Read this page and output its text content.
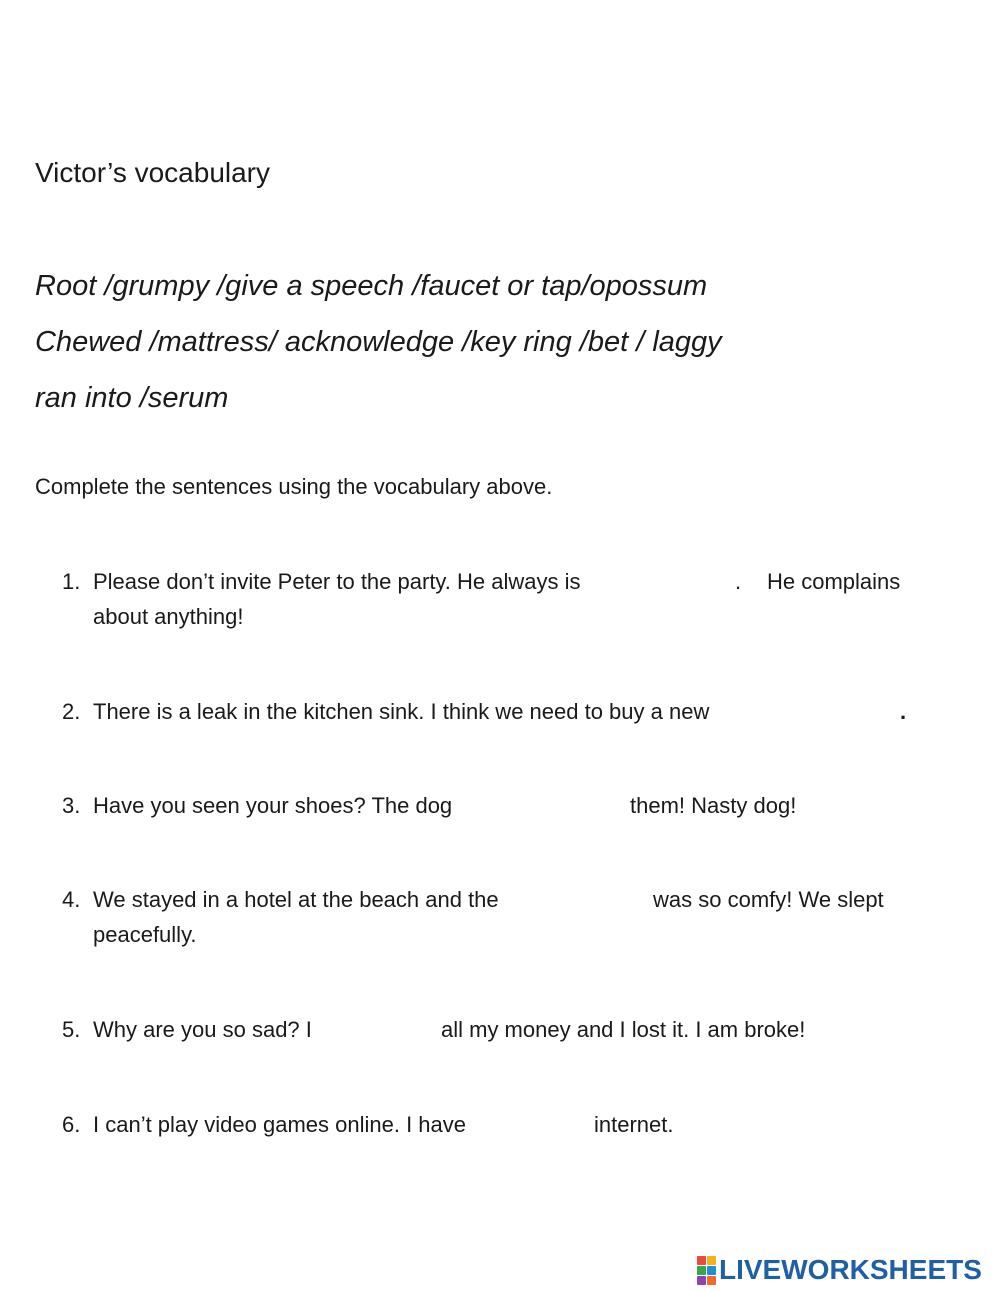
Victor’s vocabulary
Root /grumpy /give a speech /faucet or tap/opossum
Chewed /mattress/ acknowledge /key ring /bet / laggy
ran into /serum
Complete the sentences using the vocabulary above.
1. Please don’t invite Peter to the party. He always is	. He complains
about anything!
2. There is a leak in the kitchen sink. I think we need to buy a new	.
3. Have you seen your shoes? The dog	them! Nasty dog!
4. We stayed in a hotel at the beach and the	was so comfy! We slept
peacefully.
5. Why are you so sad? I	all my money and I lost it. I am broke!
6. I can’t play video games online. I have	internet.
LIVEWORKSHEETS
